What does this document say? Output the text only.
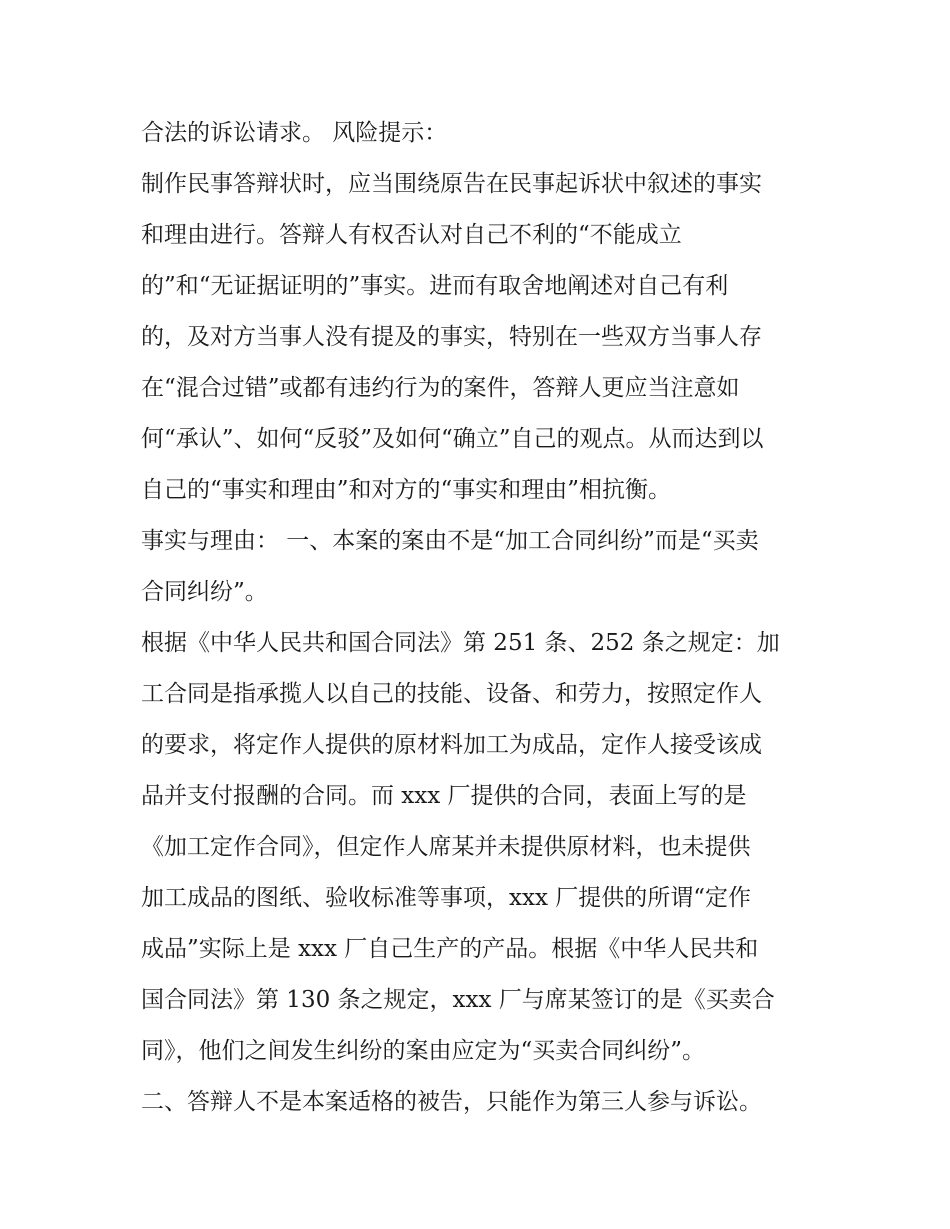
合法的诉讼请求。 风险提示：
制作民事答辩状时，应当围绕原告在民事起诉状中叙述的事实
和理由进行。答辩人有权否认对自己不利的“不能成立
的”和“无证据证明的”事实。进而有取舍地阐述对自己有利
的，及对方当事人没有提及的事实，特别在一些双方当事人存
在“混合过错”或都有违约行为的案件，答辩人更应当注意如
何“承认”、如何“反驳”及如何“确立”自己的观点。从而达到以
自己的“事实和理由”和对方的“事实和理由”相抗衡。
事实与理由： 一、本案的案由不是“加工合同纠纷”而是“买卖
合同纠纷”。
根据《中华人民共和国合同法》第 251 条、252 条之规定：加
工合同是指承揽人以自己的技能、设备、和劳力，按照定作人
的要求，将定作人提供的原材料加工为成品，定作人接受该成
品并支付报酬的合同。而 xxx 厂提供的合同，表面上写的是
《加工定作合同》，但定作人席某并未提供原材料，也未提供
加工成品的图纸、验收标准等事项，xxx 厂提供的所谓“定作
成品”实际上是 xxx 厂自己生产的产品。根据《中华人民共和
国合同法》第 130 条之规定，xxx 厂与席某签订的是《买卖合
同》，他们之间发生纠纷的案由应定为“买卖合同纠纷”。
二、答辩人不是本案适格的被告，只能作为第三人参与诉讼。
